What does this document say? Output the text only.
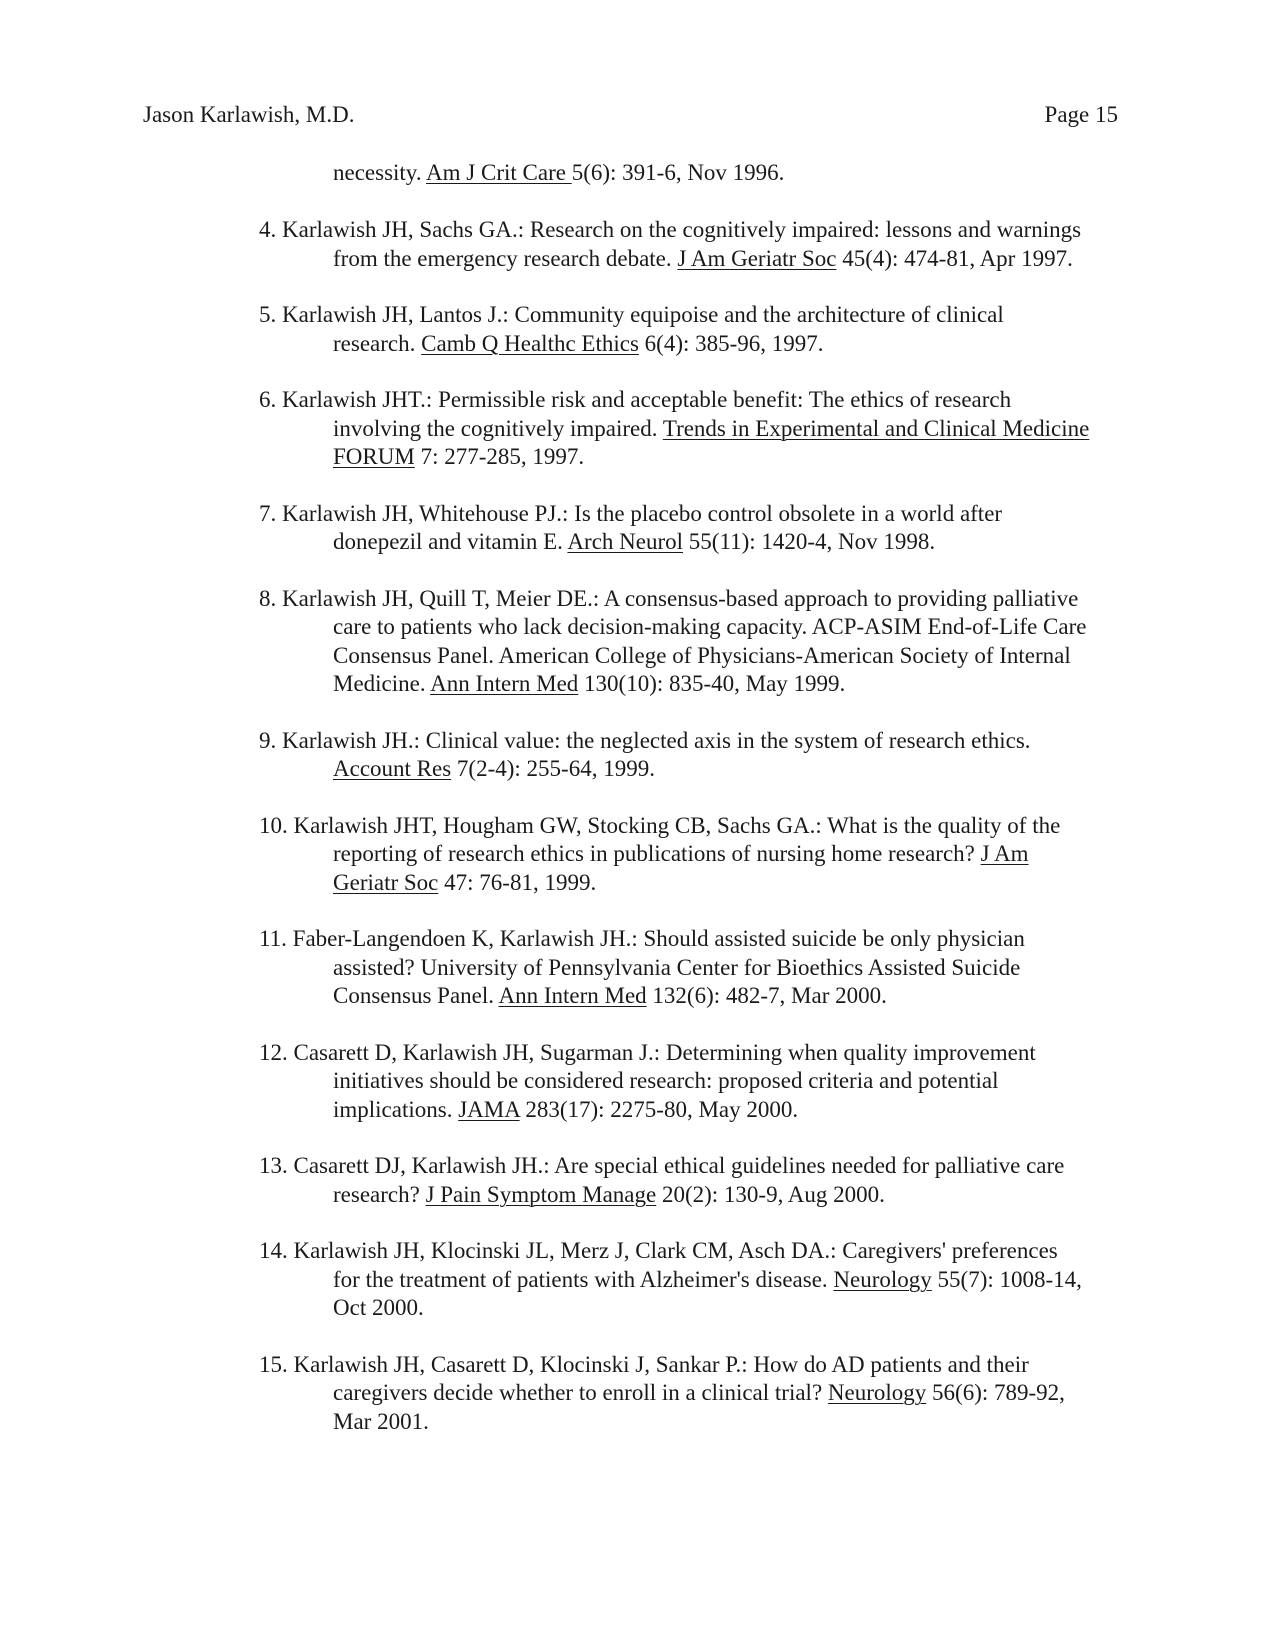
Jason Karlawish, M.D.	Page 15
necessity. Am J Crit Care 5(6): 391-6, Nov 1996.
4. Karlawish JH, Sachs GA.: Research on the cognitively impaired: lessons and warnings
from the emergency research debate. J Am Geriatr Soc 45(4): 474-81, Apr 1997.
5. Karlawish JH, Lantos J.: Community equipoise and the architecture of clinical
research. Camb Q Healthc Ethics 6(4): 385-96, 1997.
6. Karlawish JHT.: Permissible risk and acceptable benefit: The ethics of research
involving the cognitively impaired. Trends in Experimental and Clinical Medicine
FORUM 7: 277-285, 1997.
7. Karlawish JH, Whitehouse PJ.: Is the placebo control obsolete in a world after
donepezil and vitamin E. Arch Neurol 55(11): 1420-4, Nov 1998.
8. Karlawish JH, Quill T, Meier DE.: A consensus-based approach to providing palliative
care to patients who lack decision-making capacity. ACP-ASIM End-of-Life Care
Consensus Panel. American College of Physicians-American Society of Internal
Medicine. Ann Intern Med 130(10): 835-40, May 1999.
9. Karlawish JH.: Clinical value: the neglected axis in the system of research ethics.
Account Res 7(2-4): 255-64, 1999.
10. Karlawish JHT, Hougham GW, Stocking CB, Sachs GA.: What is the quality of the
reporting of research ethics in publications of nursing home research? J Am
Geriatr Soc 47: 76-81, 1999.
11. Faber-Langendoen K, Karlawish JH.: Should assisted suicide be only physician
assisted? University of Pennsylvania Center for Bioethics Assisted Suicide
Consensus Panel. Ann Intern Med 132(6): 482-7, Mar 2000.
12. Casarett D, Karlawish JH, Sugarman J.: Determining when quality improvement
initiatives should be considered research: proposed criteria and potential
implications. JAMA 283(17): 2275-80, May 2000.
13. Casarett DJ, Karlawish JH.: Are special ethical guidelines needed for palliative care
research? J Pain Symptom Manage 20(2): 130-9, Aug 2000.
14. Karlawish JH, Klocinski JL, Merz J, Clark CM, Asch DA.: Caregivers' preferences
for the treatment of patients with Alzheimer's disease. Neurology 55(7): 1008-14,
Oct 2000.
15. Karlawish JH, Casarett D, Klocinski J, Sankar P.: How do AD patients and their
caregivers decide whether to enroll in a clinical trial? Neurology 56(6): 789-92,
Mar 2001.
